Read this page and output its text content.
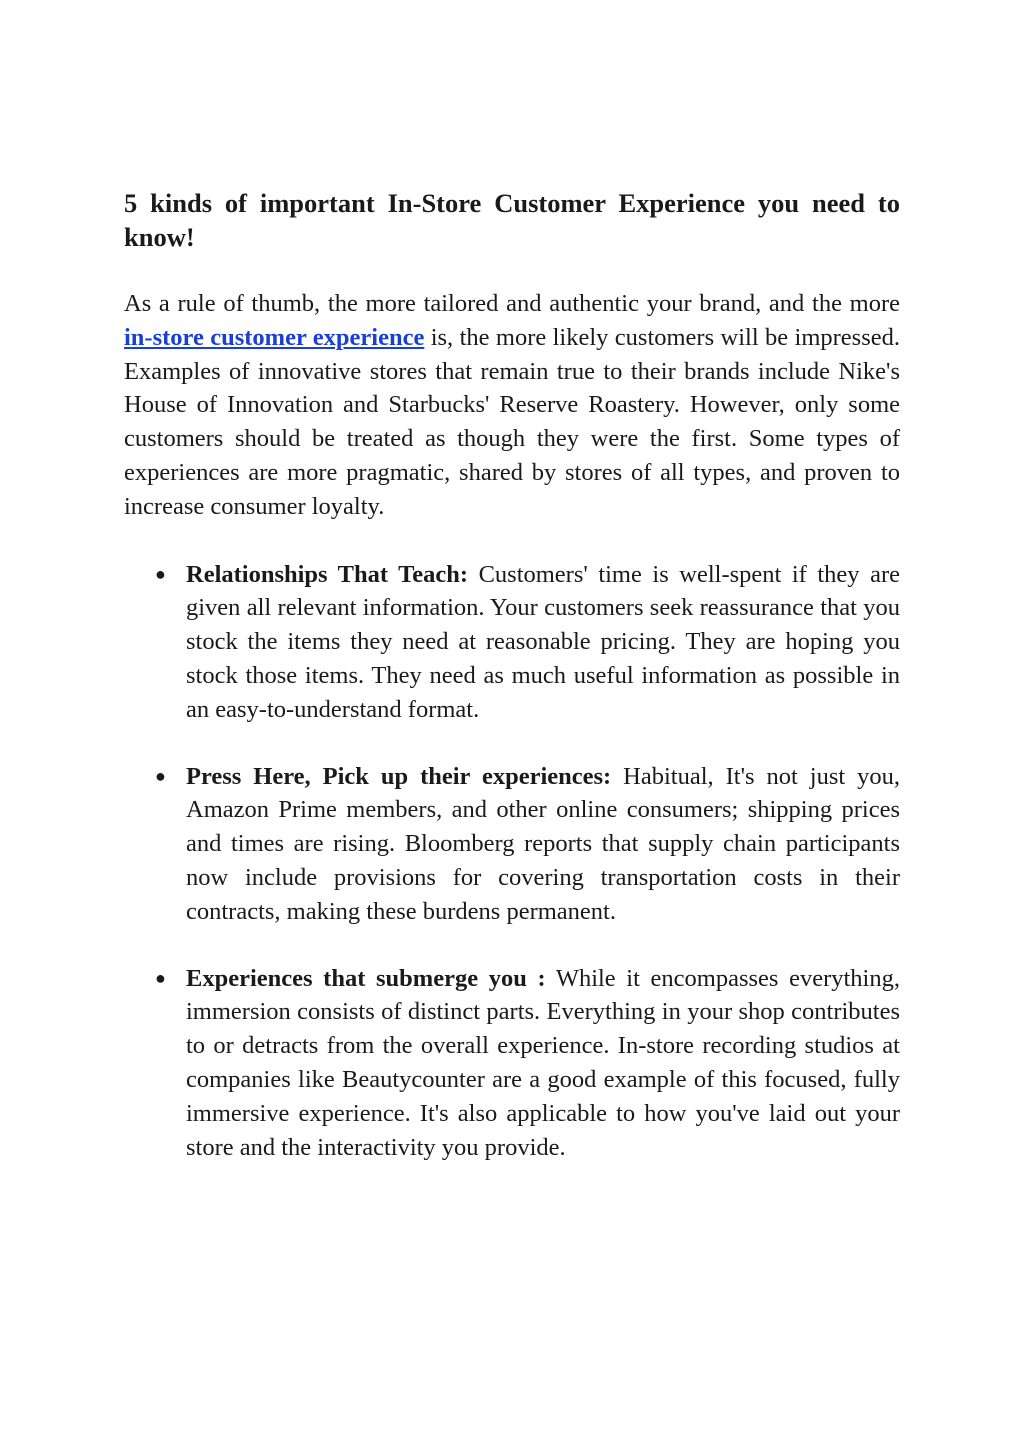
5 kinds of important In-Store Customer Experience you need to know!

As a rule of thumb, the more tailored and authentic your brand, and the more in-store customer experience is, the more likely customers will be impressed. Examples of innovative stores that remain true to their brands include Nike's House of Innovation and Starbucks' Reserve Roastery. However, only some customers should be treated as though they were the first. Some types of experiences are more pragmatic, shared by stores of all types, and proven to increase consumer loyalty.

● Relationships That Teach: Customers' time is well-spent if they are given all relevant information. Your customers seek reassurance that you stock the items they need at reasonable pricing. They are hoping you stock those items. They need as much useful information as possible in an easy-to-understand format.
● Press Here, Pick up their experiences: Habitual, It's not just you, Amazon Prime members, and other online consumers; shipping prices and times are rising. Bloomberg reports that supply chain participants now include provisions for covering transportation costs in their contracts, making these burdens permanent.
● Experiences that submerge you : While it encompasses everything, immersion consists of distinct parts. Everything in your shop contributes to or detracts from the overall experience. In-store recording studios at companies like Beautycounter are a good example of this focused, fully immersive experience. It's also applicable to how you've laid out your store and the interactivity you provide.
